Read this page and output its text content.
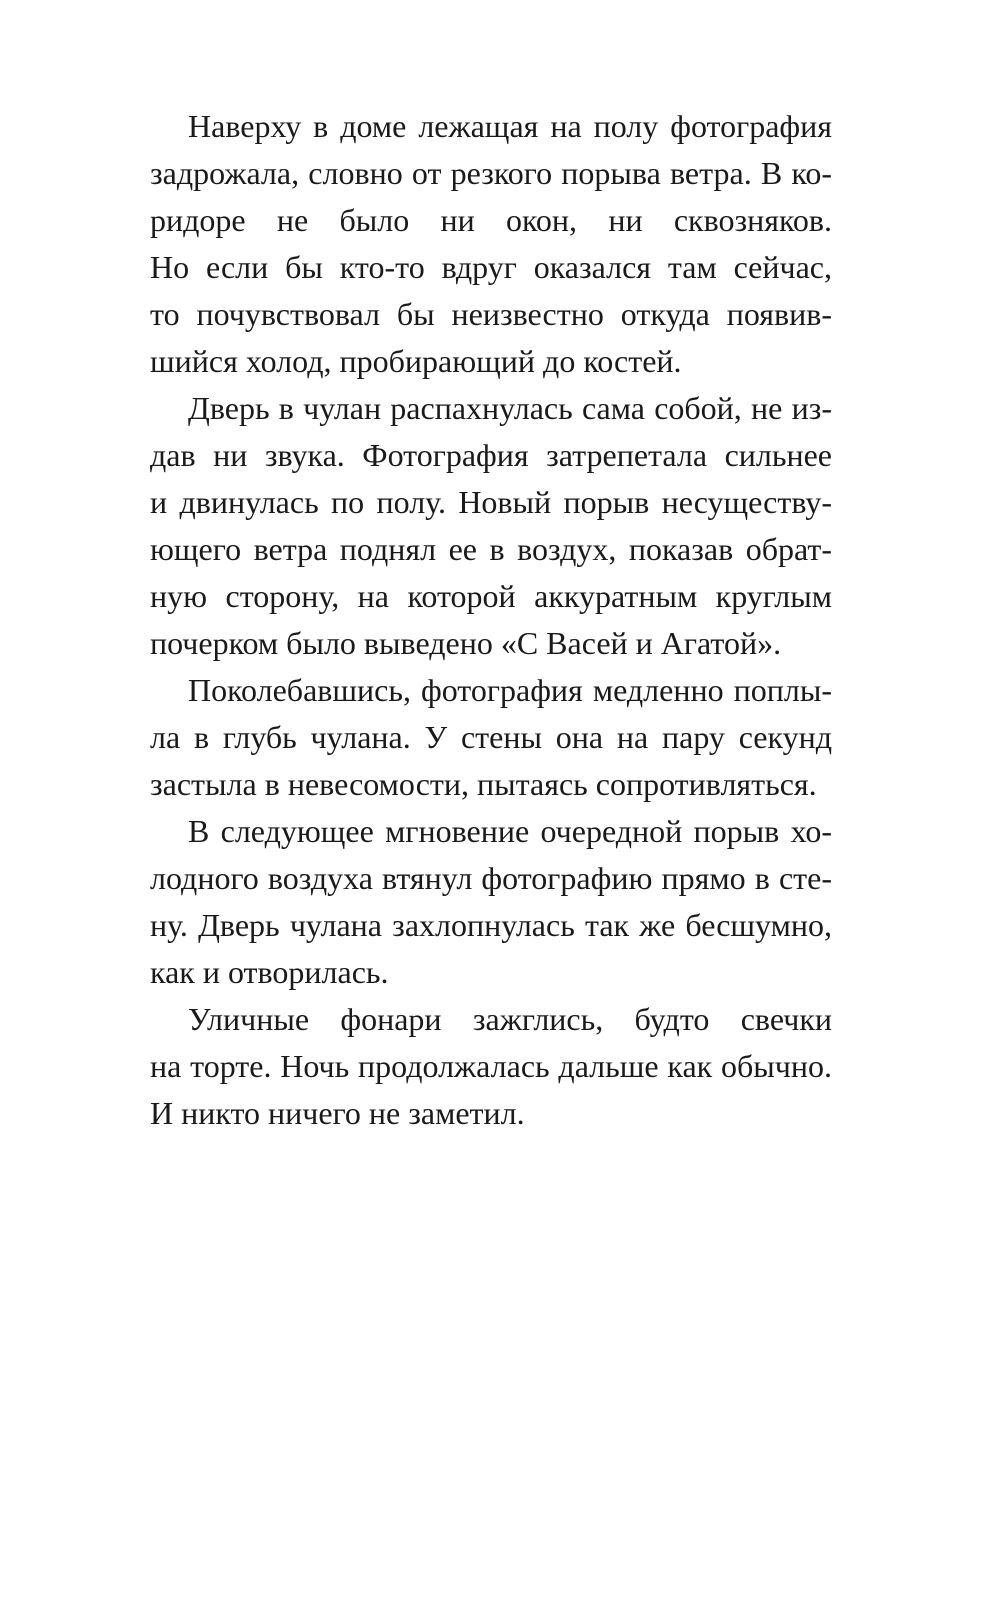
Наверху в доме лежащая на полу фотография
задрожала, словно от резкого порыва ветра. В ко-
ридоре не было ни окон, ни сквозняков.
Но если бы кто-то вдруг оказался там сейчас,
то почувствовал бы неизвестно откуда появив-
шийся холод, пробирающий до костей.
Дверь в чулан распахнулась сама собой, не из-
дав ни звука. Фотография затрепетала сильнее
и двинулась по полу. Новый порыв несуществу-
ющего ветра поднял ее в воздух, показав обрат-
ную сторону, на которой аккуратным круглым
почерком было выведено «С Васей и Агатой».
Поколебавшись, фотография медленно поплы-
ла в глубь чулана. У стены она на пару секунд
застыла в невесомости, пытаясь сопротивляться.
В следующее мгновение очередной порыв хо-
лодного воздуха втянул фотографию прямо в сте-
ну. Дверь чулана захлопнулась так же бесшумно,
как и отворилась.
Уличные фонари зажглись, будто свечки
на торте. Ночь продолжалась дальше как обычно.
И никто ничего не заметил.
